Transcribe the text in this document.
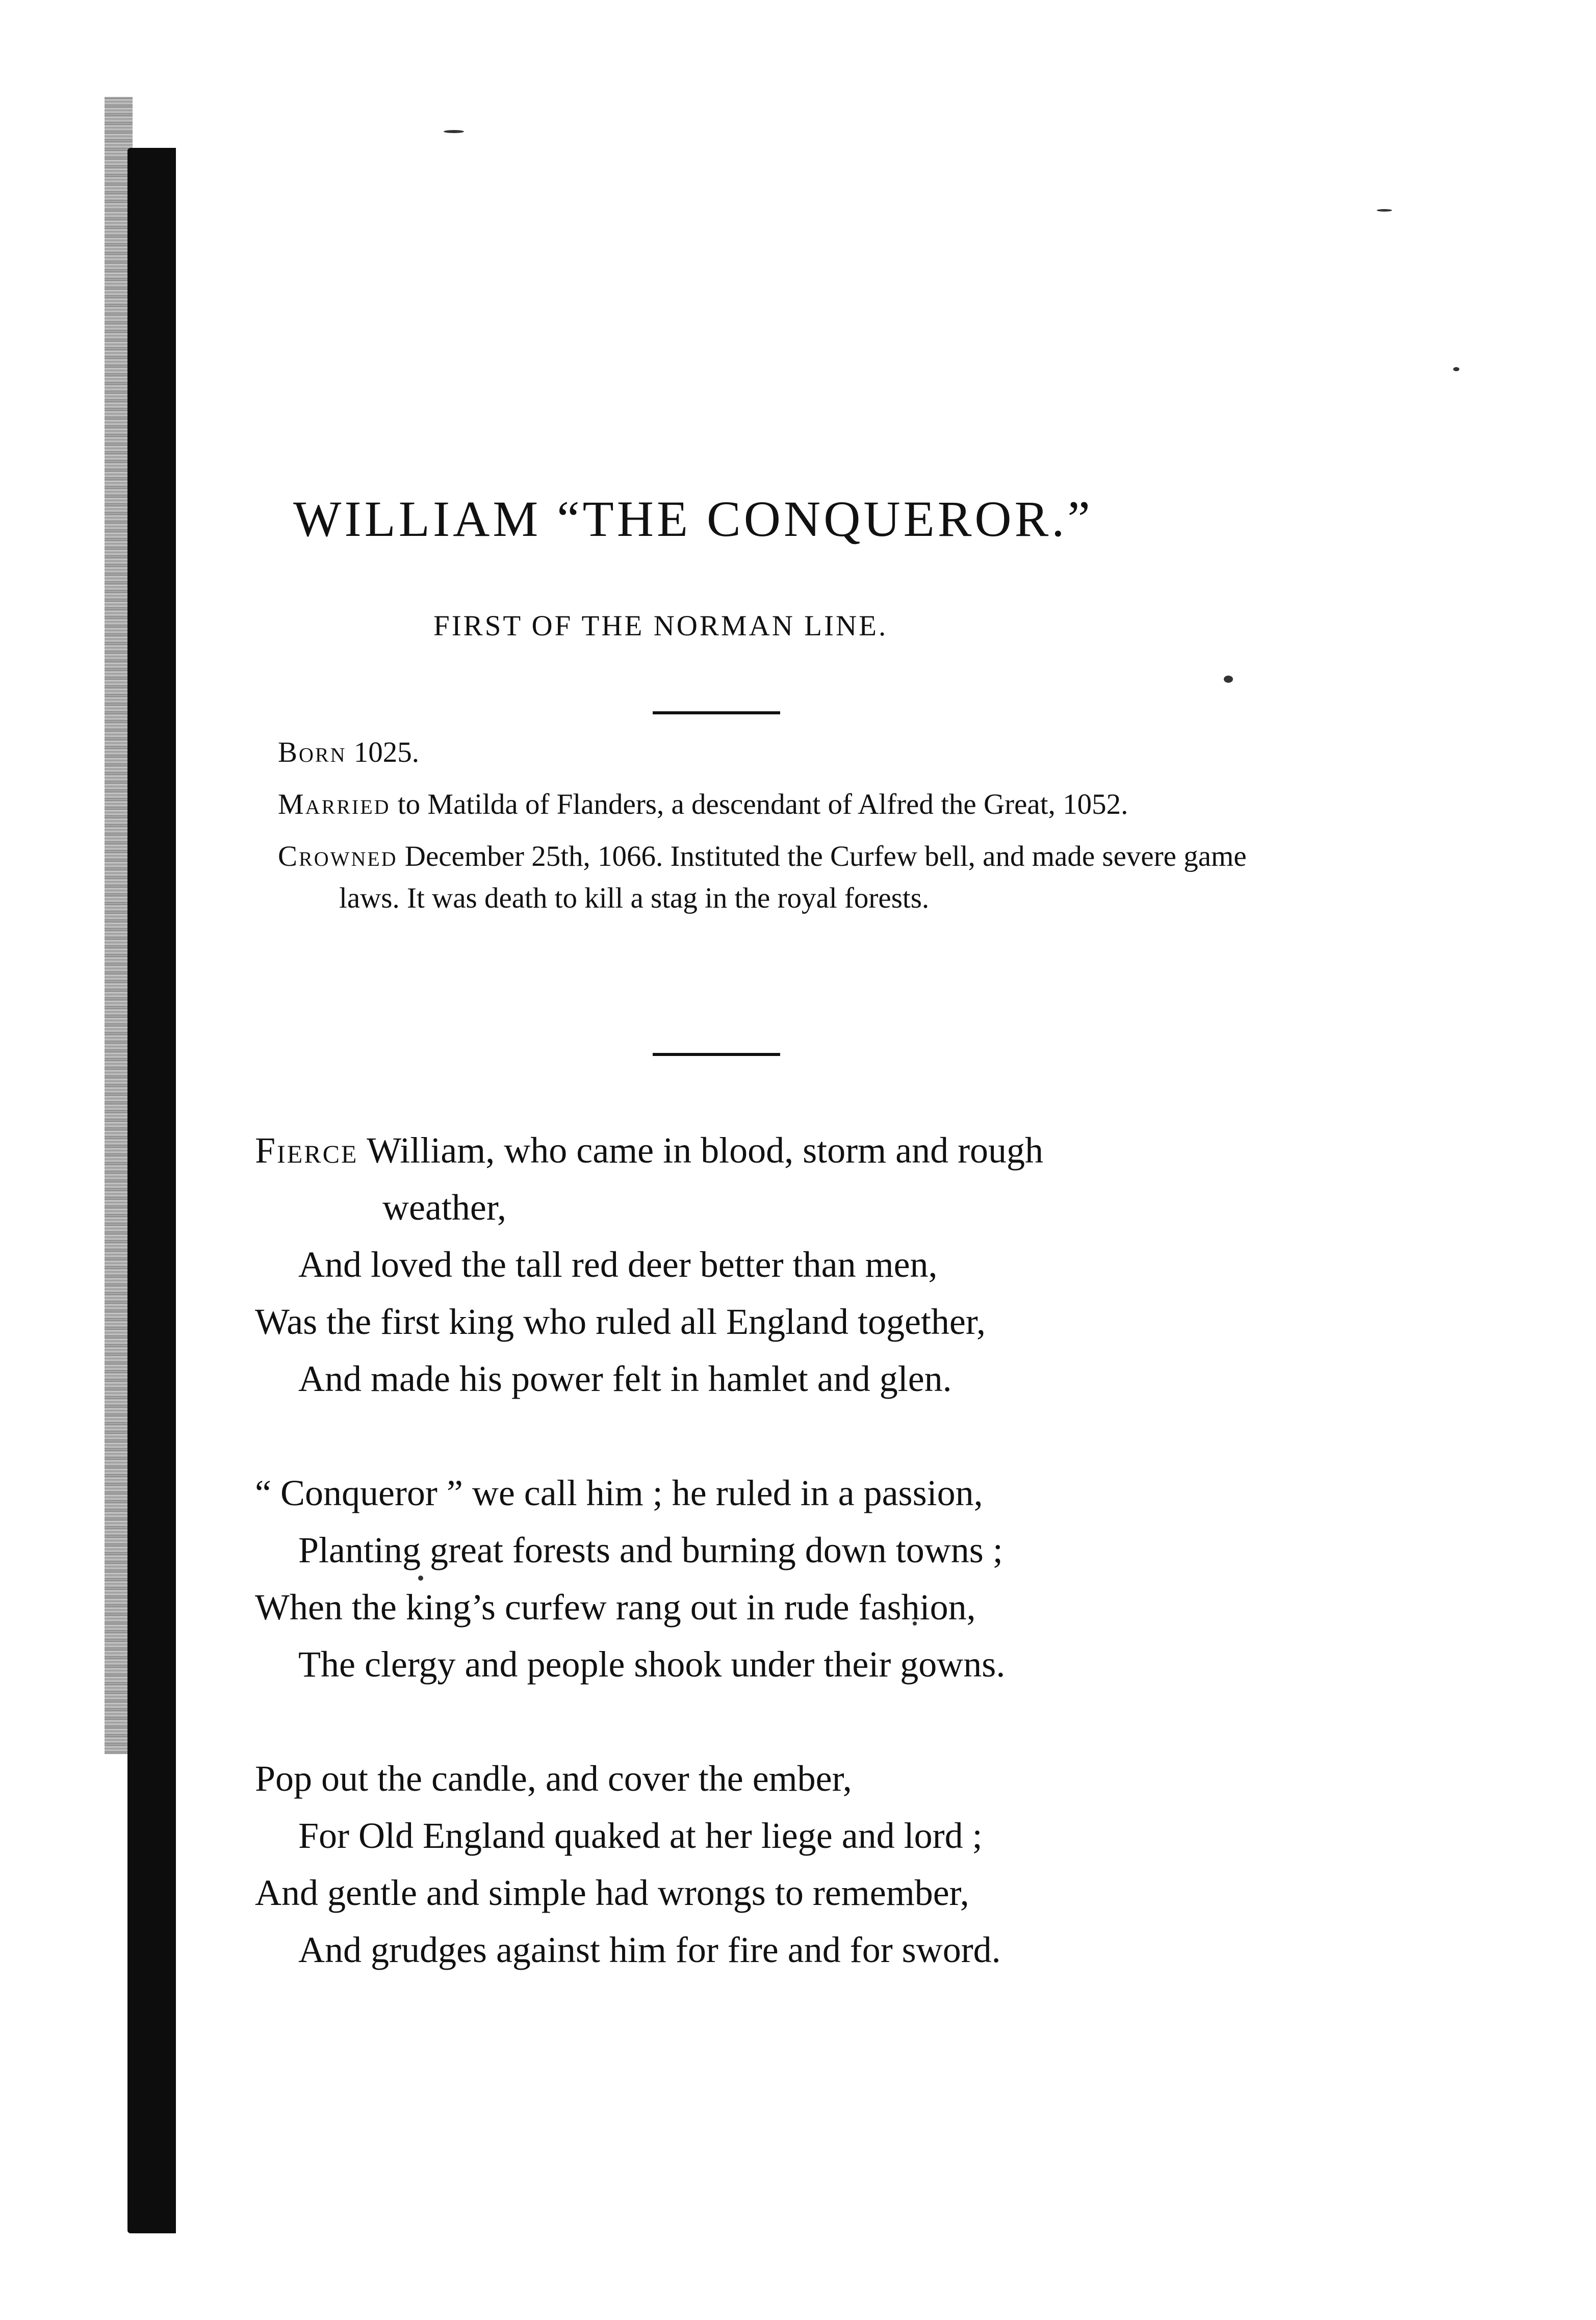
WILLIAM “THE CONQUEROR.”
FIRST OF THE NORMAN LINE.

Born 1025.

Married to Matilda of Flanders, a descendant of Alfred the Great, 1052.

Crowned December 25th, 1066. Instituted the Curfew bell, and made severe game laws. It was death to kill a stag in the royal forests.

Fierce William, who came in blood, storm and rough
weather,
And loved the tall red deer better than men,
Was the first king who ruled all England together,
And made his power felt in hamlet and glen.
“ Conqueror ” we call him ; he ruled in a passion,
Planting great forests and burning down towns ;
When the king’s curfew rang out in rude fashion,
The clergy and people shook under their gowns.
Pop out the candle, and cover the ember,
For Old England quaked at her liege and lord ;
And gentle and simple had wrongs to remember,
And grudges against him for fire and for sword.
